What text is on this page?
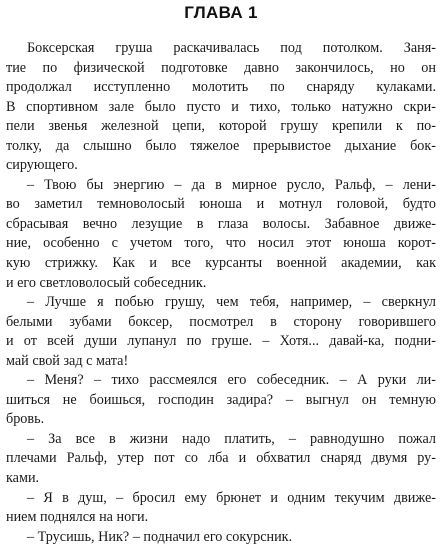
ГЛАВА 1
Боксерская груша раскачивалась под потолком. Заня-
тие по физической подготовке давно закончилось, но он
продолжал исступленно молотить по снаряду кулаками.
В спортивном зале было пусто и тихо, только натужно скри-
пели звенья железной цепи, которой грушу крепили к по-
толку, да слышно было тяжелое прерывистое дыхание бок-
сирующего.
– Твою бы энергию – да в мирное русло, Ральф, – лени-
во заметил темноволосый юноша и мотнул головой, будто
сбрасывая вечно лезущие в глаза волосы. Забавное движе-
ние, особенно с учетом того, что носил этот юноша корот-
кую стрижку. Как и все курсанты военной академии, как
и его светловолосый собеседник.
– Лучше я побью грушу, чем тебя, например, – сверкнул
белыми зубами боксер, посмотрел в сторону говорившего
и от всей души лупанул по груше. – Хотя... давай-ка, подни-
май свой зад с мата!
– Меня? – тихо рассмеялся его собеседник. – А руки ли-
шиться не боишься, господин задира? – выгнул он темную
бровь.
– За все в жизни надо платить, – равнодушно пожал
плечами Ральф, утер пот со лба и обхватил снаряд двумя ру-
ками.
– Я в душ, – бросил ему брюнет и одним текучим движе-
нием поднялся на ноги.
– Трусишь, Ник? – подначил его сокурсник.
